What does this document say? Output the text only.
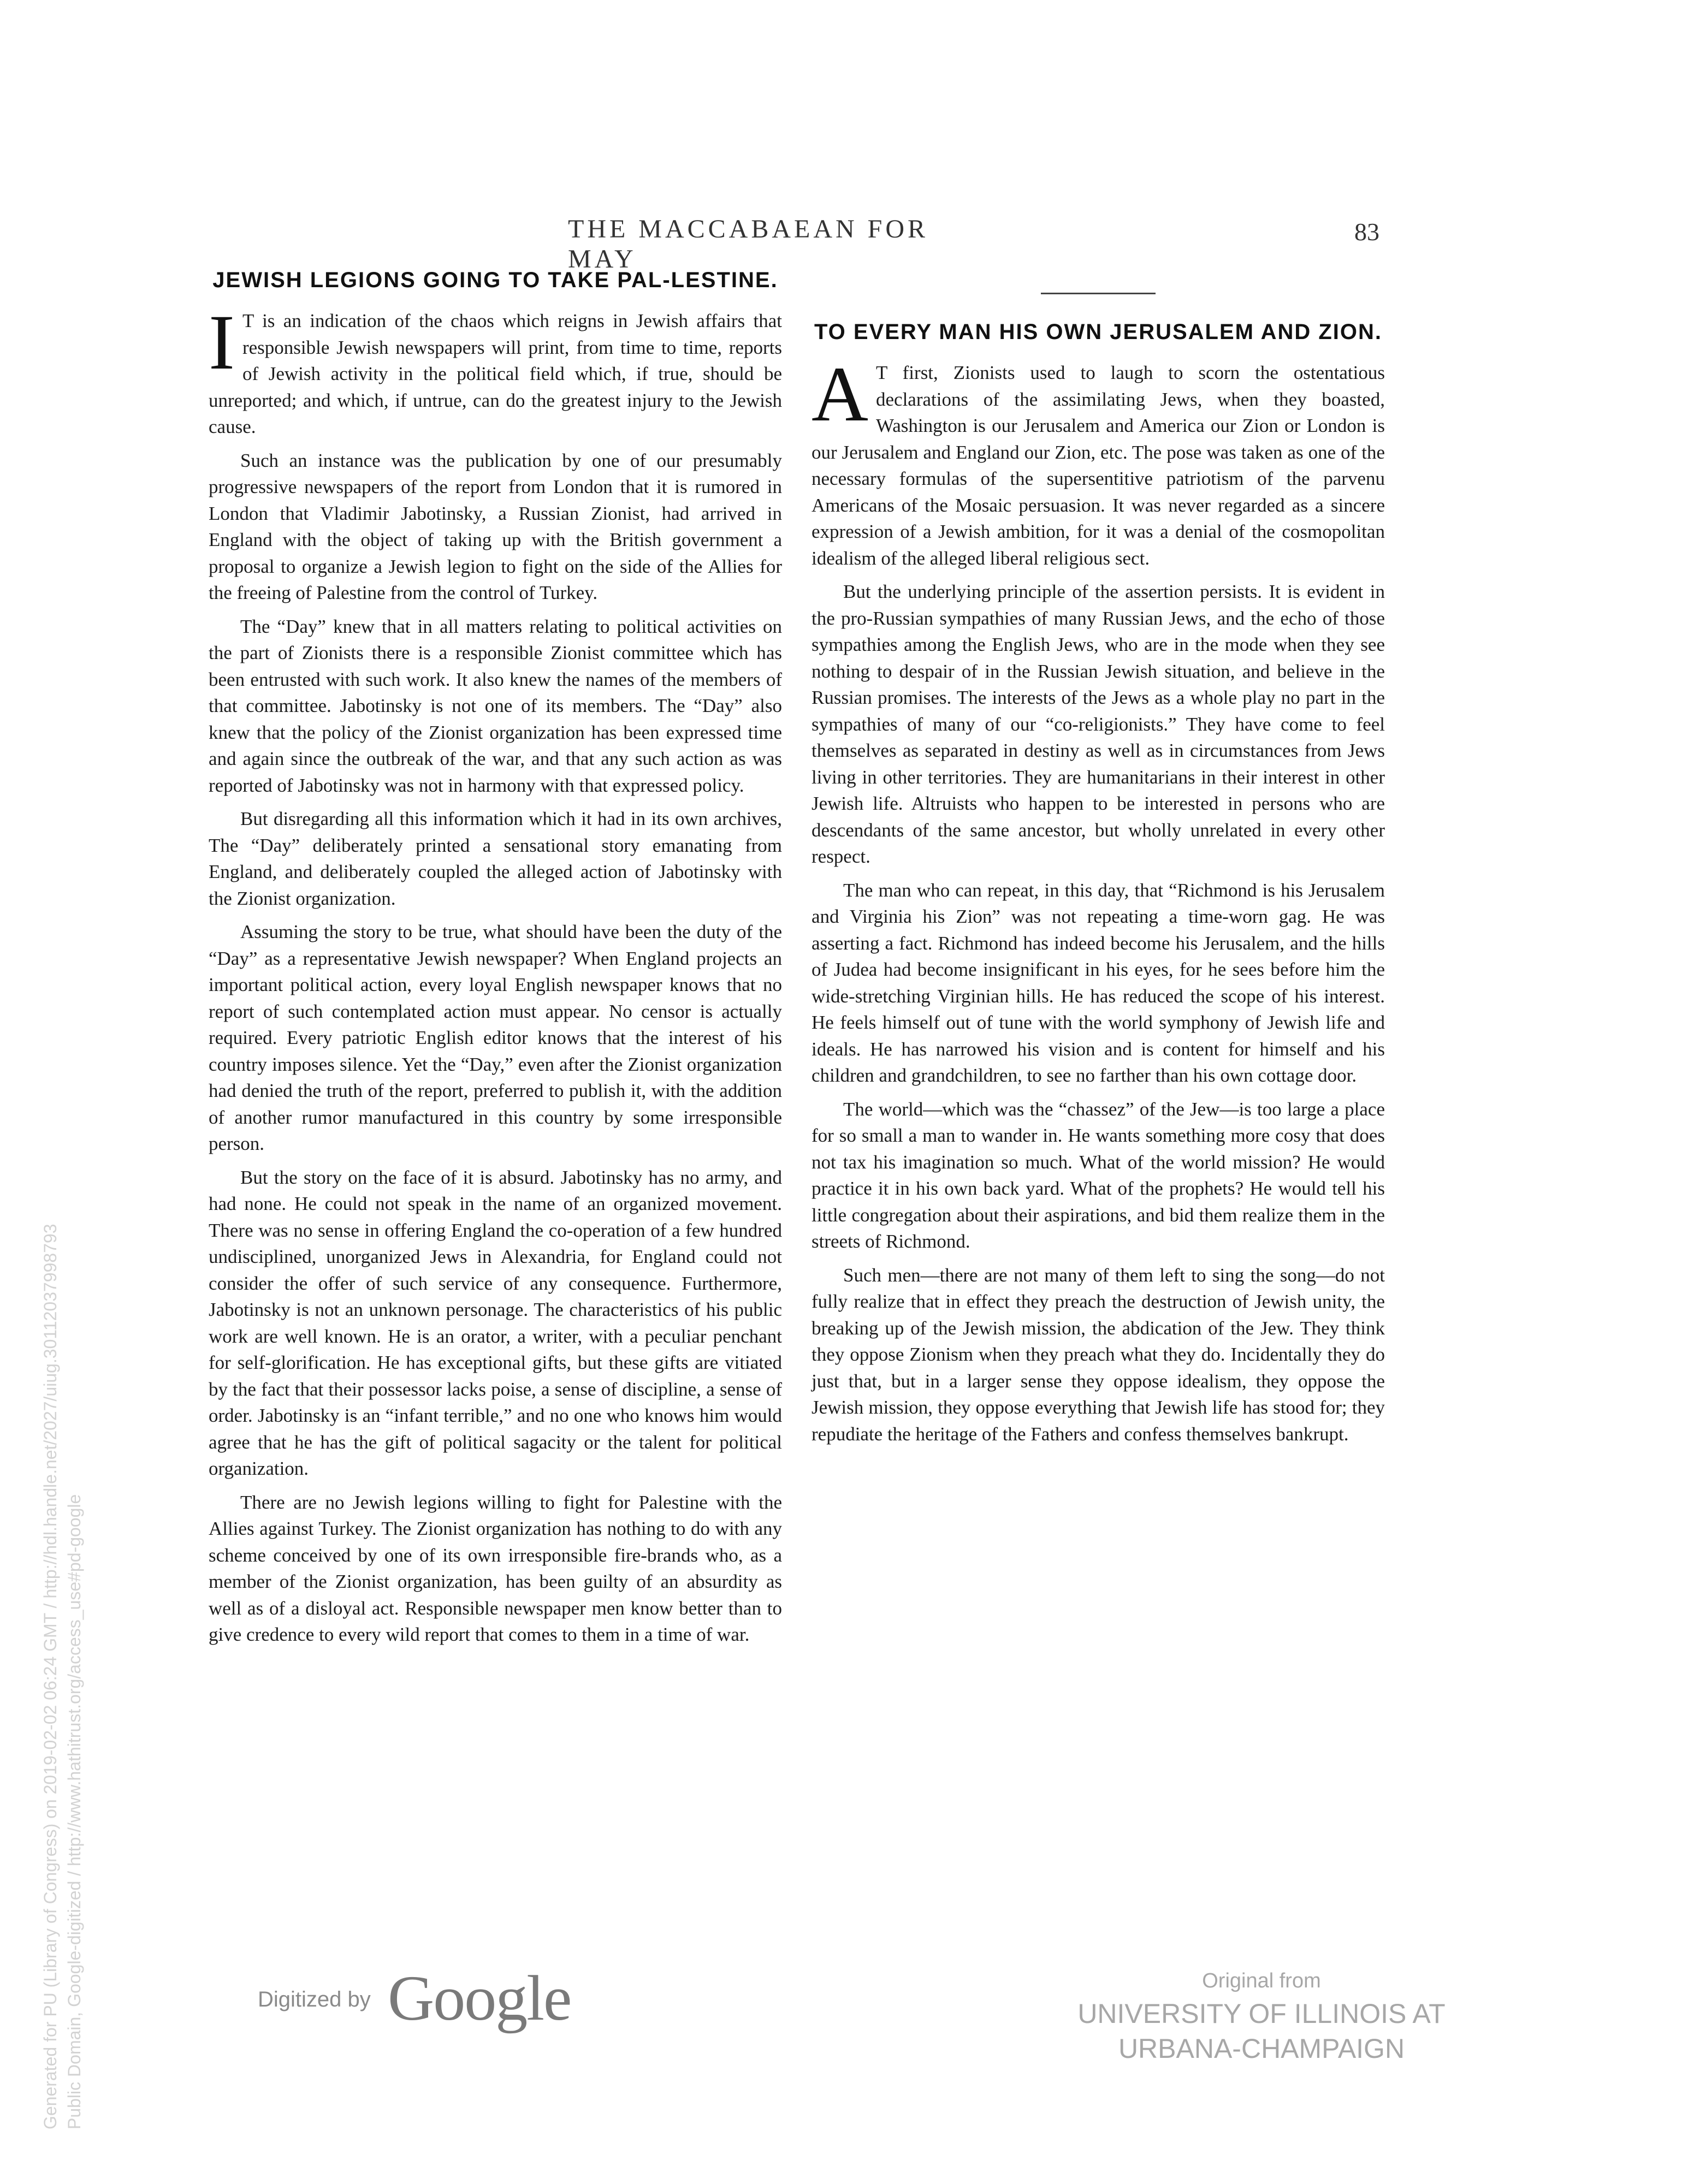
THE MACCABAEAN FOR MAY
83
JEWISH LEGIONS GOING TO TAKE PAL-LESTINE.

I T is an indication of the chaos which reigns in Jewish affairs that responsible Jewish newspapers will print, from time to time, reports of Jewish activity in the political field which, if true, should be unreported; and which, if untrue, can do the greatest injury to the Jewish cause.

Such an instance was the publication by one of our presumably progressive newspapers of the report from London that it is rumored in London that Vladimir Jabotinsky, a Russian Zionist, had arrived in England with the object of taking up with the British government a proposal to organize a Jewish legion to fight on the side of the Allies for the freeing of Palestine from the control of Turkey.

The “Day” knew that in all matters relating to political activities on the part of Zionists there is a responsible Zionist committee which has been entrusted with such work. It also knew the names of the members of that committee. Jabotinsky is not one of its members. The “Day” also knew that the policy of the Zionist organization has been expressed time and again since the outbreak of the war, and that any such action as was reported of Jabotinsky was not in harmony with that expressed policy.

But disregarding all this information which it had in its own archives, The “Day” deliberately printed a sensational story emanating from England, and deliberately coupled the alleged action of Jabotinsky with the Zionist organization.

Assuming the story to be true, what should have been the duty of the “Day” as a representative Jewish newspaper? When England projects an important political action, every loyal English newspaper knows that no report of such contemplated action must appear. No censor is actually required. Every patriotic English editor knows that the interest of his country imposes silence. Yet the “Day,” even after the Zionist organization had denied the truth of the report, preferred to publish it, with the addition of another rumor manufactured in this country by some irresponsible person.

But the story on the face of it is absurd. Jabotinsky has no army, and had none. He could not speak in the name of an organized movement. There was no sense in offering England the co-operation of a few hundred undisciplined, unorganized Jews in Alexandria, for England could not consider the offer of such service of any consequence. Furthermore, Jabotinsky is not an unknown personage. The characteristics of his public work are well known. He is an orator, a writer, with a peculiar penchant for self-glorification. He has exceptional gifts, but these gifts are vitiated by the fact that their possessor lacks poise, a sense of discipline, a sense of order. Jabotinsky is an “infant terrible,” and no one who knows him would agree that he has the gift of political sagacity or the talent for political organization.

There are no Jewish legions willing to fight for Palestine with the Allies against Turkey. The Zionist organization has nothing to do with any scheme conceived by one of its own irresponsible fire-brands who, as a member of the Zionist organization, has been guilty of an absurdity as well as of a disloyal act. Responsible newspaper men know better than to give credence to every wild report that comes to them in a time of war.

TO EVERY MAN HIS OWN JERUSALEM AND ZION.

A T first, Zionists used to laugh to scorn the ostentatious declarations of the assimilating Jews, when they boasted, Washington is our Jerusalem and America our Zion or London is our Jerusalem and England our Zion, etc. The pose was taken as one of the necessary formulas of the supersentitive patriotism of the parvenu Americans of the Mosaic persuasion. It was never regarded as a sincere expression of a Jewish ambition, for it was a denial of the cosmopolitan idealism of the alleged liberal religious sect.

But the underlying principle of the assertion persists. It is evident in the pro-Russian sympathies of many Russian Jews, and the echo of those sympathies among the English Jews, who are in the mode when they see nothing to despair of in the Russian Jewish situation, and believe in the Russian promises. The interests of the Jews as a whole play no part in the sympathies of many of our “co-religionists.” They have come to feel themselves as separated in destiny as well as in circumstances from Jews living in other territories. They are humanitarians in their interest in other Jewish life. Altruists who happen to be interested in persons who are descendants of the same ancestor, but wholly unrelated in every other respect.

The man who can repeat, in this day, that “Richmond is his Jerusalem and Virginia his Zion” was not repeating a time-worn gag. He was asserting a fact. Richmond has indeed become his Jerusalem, and the hills of Judea had become insignificant in his eyes, for he sees before him the wide-stretching Virginian hills. He has reduced the scope of his interest. He feels himself out of tune with the world symphony of Jewish life and ideals. He has narrowed his vision and is content for himself and his children and grandchildren, to see no farther than his own cottage door.

The world—which was the “chassez” of the Jew—is too large a place for so small a man to wander in. He wants something more cosy that does not tax his imagination so much. What of the world mission? He would practice it in his own back yard. What of the prophets? He would tell his little congregation about their aspirations, and bid them realize them in the streets of Richmond.

Such men—there are not many of them left to sing the song—do not fully realize that in effect they preach the destruction of Jewish unity, the breaking up of the Jewish mission, the abdication of the Jew. They think they oppose Zionism when they preach what they do. Incidentally they do just that, but in a larger sense they oppose idealism, they oppose the Jewish mission, they oppose everything that Jewish life has stood for; they repudiate the heritage of the Fathers and confess themselves bankrupt.

Digitized by Google	Original from
UNIVERSITY OF ILLINOIS AT
URBANA-CHAMPAIGN
Generated for PU (Library of Congress) on 2019-02-02 06:24 GMT / http://hdl.handle.net/2027/uiug.30112037998793 Public Domain, Google-digitized / http://www.hathitrust.org/access_use#pd-google
